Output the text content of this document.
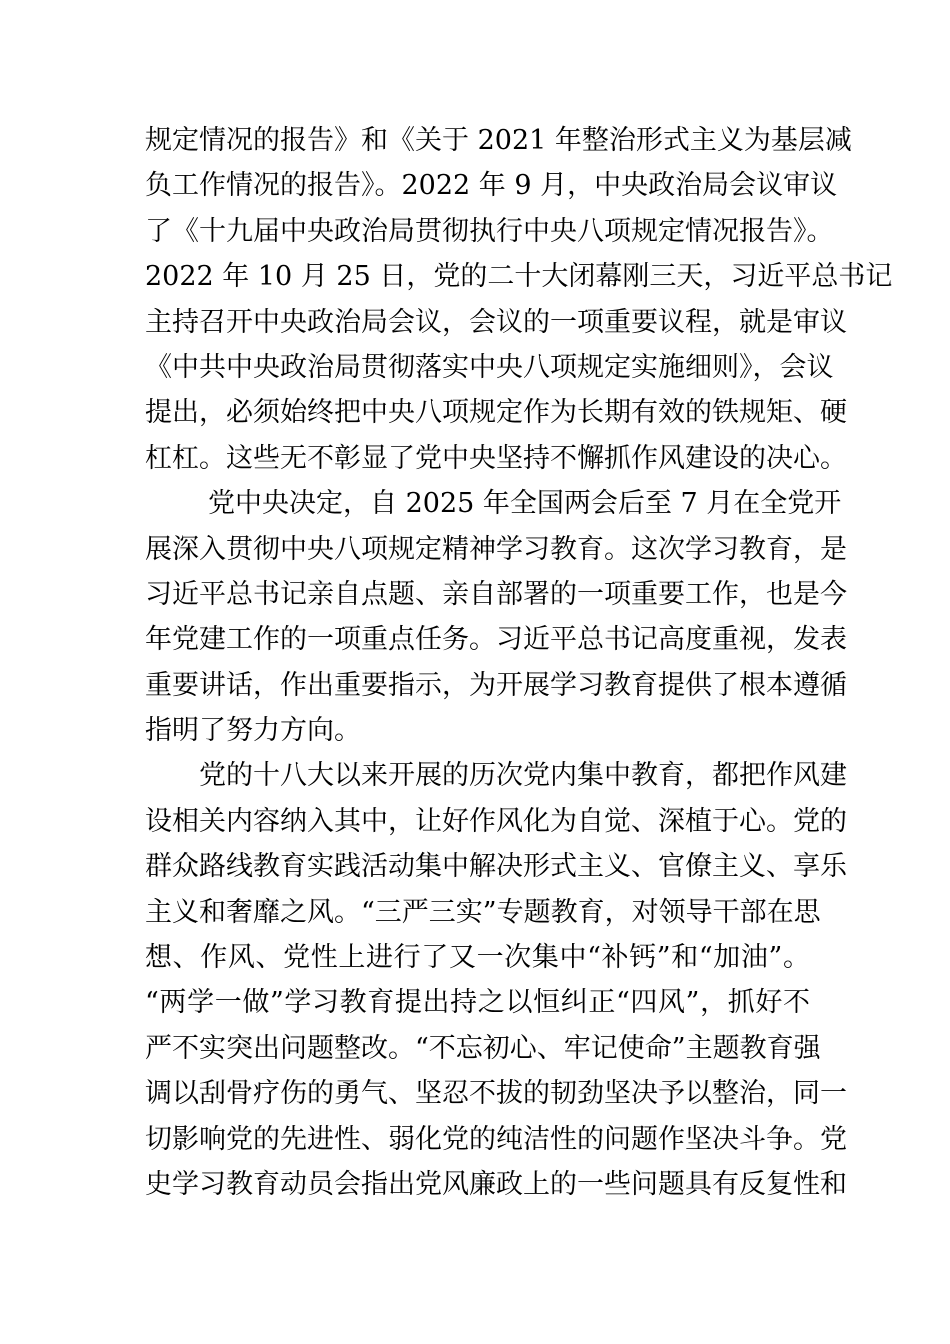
规定情况的报告》和《关于 2021 年整治形式主义为基层减
负工作情况的报告》。2022 年 9 月，中央政治局会议审议
了《十九届中央政治局贯彻执行中央八项规定情况报告》。
2022 年 10 月 25 日，党的二十大闭幕刚三天，习近平总书记
主持召开中央政治局会议，会议的一项重要议程，就是审议
《中共中央政治局贯彻落实中央八项规定实施细则》，会议
提出，必须始终把中央八项规定作为长期有效的铁规矩、硬
杠杠。这些无不彰显了党中央坚持不懈抓作风建设的决心。
党中央决定，自 2025 年全国两会后至 7 月在全党开
展深入贯彻中央八项规定精神学习教育。这次学习教育，是
习近平总书记亲自点题、亲自部署的一项重要工作，也是今
年党建工作的一项重点任务。习近平总书记高度重视，发表
重要讲话，作出重要指示，为开展学习教育提供了根本遵循
指明了努力方向。
党的十八大以来开展的历次党内集中教育，都把作风建
设相关内容纳入其中，让好作风化为自觉、深植于心。党的
群众路线教育实践活动集中解决形式主义、官僚主义、享乐
主义和奢靡之风。“三严三实”专题教育，对领导干部在思
想、作风、党性上进行了又一次集中“补钙”和“加油”。
“两学一做”学习教育提出持之以恒纠正“四风”，抓好不
严不实突出问题整改。“不忘初心、牢记使命”主题教育强
调以刮骨疗伤的勇气、坚忍不拔的韧劲坚决予以整治，同一
切影响党的先进性、弱化党的纯洁性的问题作坚决斗争。党
史学习教育动员会指出党风廉政上的一些问题具有反复性和
